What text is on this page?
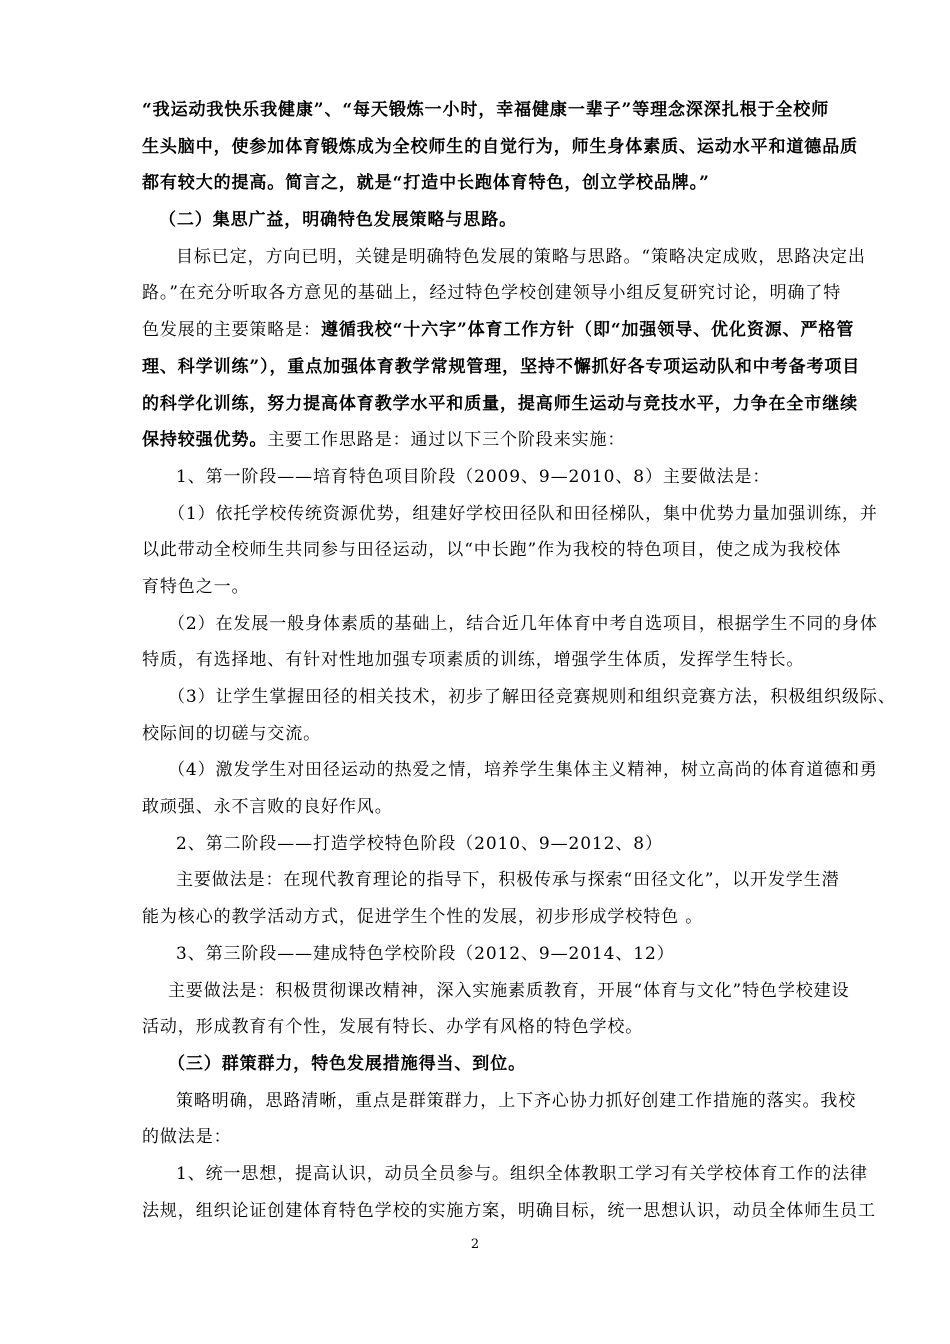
“我运动我快乐我健康”、“每天锻炼一小时，幸福健康一辈子”等理念深深扎根于全校师
生头脑中，使参加体育锻炼成为全校师生的自觉行为，师生身体素质、运动水平和道德品质
都有较大的提高。简言之，就是“打造中长跑体育特色，创立学校品牌。”
（二）集思广益，明确特色发展策略与思路。
目标已定，方向已明，关键是明确特色发展的策略与思路。“策略决定成败，思路决定出
路。”在充分听取各方意见的基础上，经过特色学校创建领导小组反复研究讨论，明确了特
色发展的主要策略是：遵循我校“十六字”体育工作方针（即“加强领导、优化资源、严格管
理、科学训练”），重点加强体育教学常规管理，坚持不懈抓好各专项运动队和中考备考项目
的科学化训练，努力提高体育教学水平和质量，提高师生运动与竞技水平，力争在全市继续
保持较强优势。主要工作思路是：通过以下三个阶段来实施：
1、第一阶段——培育特色项目阶段（2009、9—2010、8）主要做法是：
（1）依托学校传统资源优势，组建好学校田径队和田径梯队，集中优势力量加强训练，并
以此带动全校师生共同参与田径运动，以“中长跑”作为我校的特色项目，使之成为我校体
育特色之一。
（2）在发展一般身体素质的基础上，结合近几年体育中考自选项目，根据学生不同的身体
特质，有选择地、有针对性地加强专项素质的训练，增强学生体质，发挥学生特长。
（3）让学生掌握田径的相关技术，初步了解田径竞赛规则和组织竞赛方法，积极组织级际、
校际间的切磋与交流。
（4）激发学生对田径运动的热爱之情，培养学生集体主义精神，树立高尚的体育道德和勇
敢顽强、永不言败的良好作风。
2、第二阶段——打造学校特色阶段（2010、9—2012、8）
主要做法是：在现代教育理论的指导下，积极传承与探索“田径文化”，以开发学生潜
能为核心的教学活动方式，促进学生个性的发展，初步形成学校特色 。
3、第三阶段——建成特色学校阶段（2012、9—2014、12）
主要做法是：积极贯彻课改精神，深入实施素质教育，开展“体育与文化”特色学校建设
活动，形成教育有个性，发展有特长、办学有风格的特色学校。
（三）群策群力，特色发展措施得当、到位。
策略明确，思路清晰，重点是群策群力，上下齐心协力抓好创建工作措施的落实。我校
的做法是：
1、统一思想，提高认识，动员全员参与。组织全体教职工学习有关学校体育工作的法律
法规，组织论证创建体育特色学校的实施方案，明确目标，统一思想认识，动员全体师生员工
2
